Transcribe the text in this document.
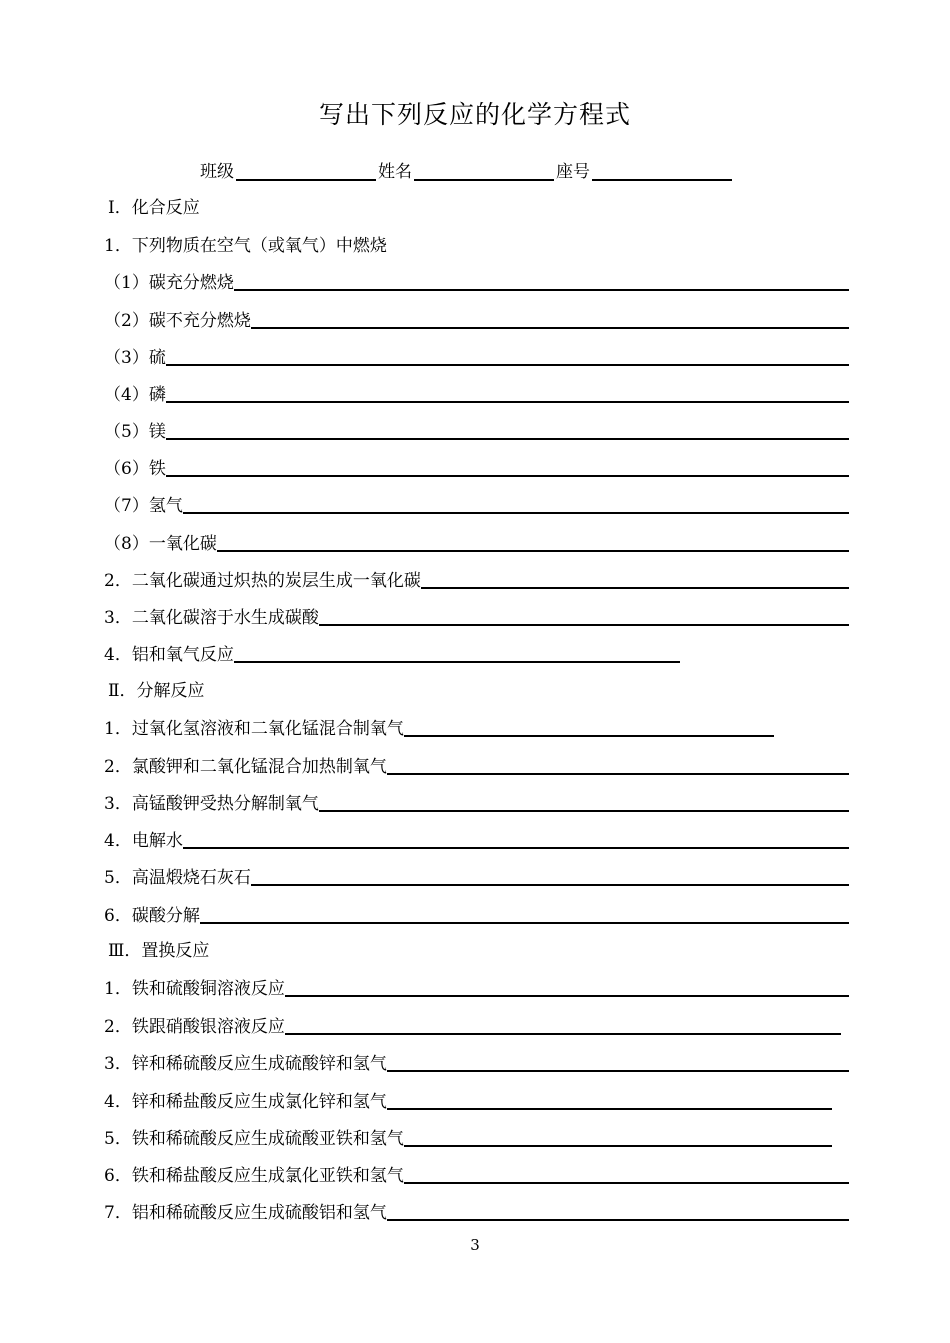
写出下列反应的化学方程式
班级	姓名	座号
Ⅰ．化合反应
1．下列物质在空气（或氧气）中燃烧
（1）碳充分燃烧
（2）碳不充分燃烧
（3）硫
（4）磷
（5）镁
（6）铁
（7）氢气
（8）一氧化碳
2．二氧化碳通过炽热的炭层生成一氧化碳
3．二氧化碳溶于水生成碳酸
4．铝和氧气反应
Ⅱ．分解反应
1．过氧化氢溶液和二氧化锰混合制氧气
2．氯酸钾和二氧化锰混合加热制氧气
3．高锰酸钾受热分解制氧气
4．电解水
5．高温煅烧石灰石
6．碳酸分解
Ⅲ．置换反应
1．铁和硫酸铜溶液反应
2．铁跟硝酸银溶液反应
3．锌和稀硫酸反应生成硫酸锌和氢气
4．锌和稀盐酸反应生成氯化锌和氢气
5．铁和稀硫酸反应生成硫酸亚铁和氢气
6．铁和稀盐酸反应生成氯化亚铁和氢气
7．铝和稀硫酸反应生成硫酸铝和氢气
3
